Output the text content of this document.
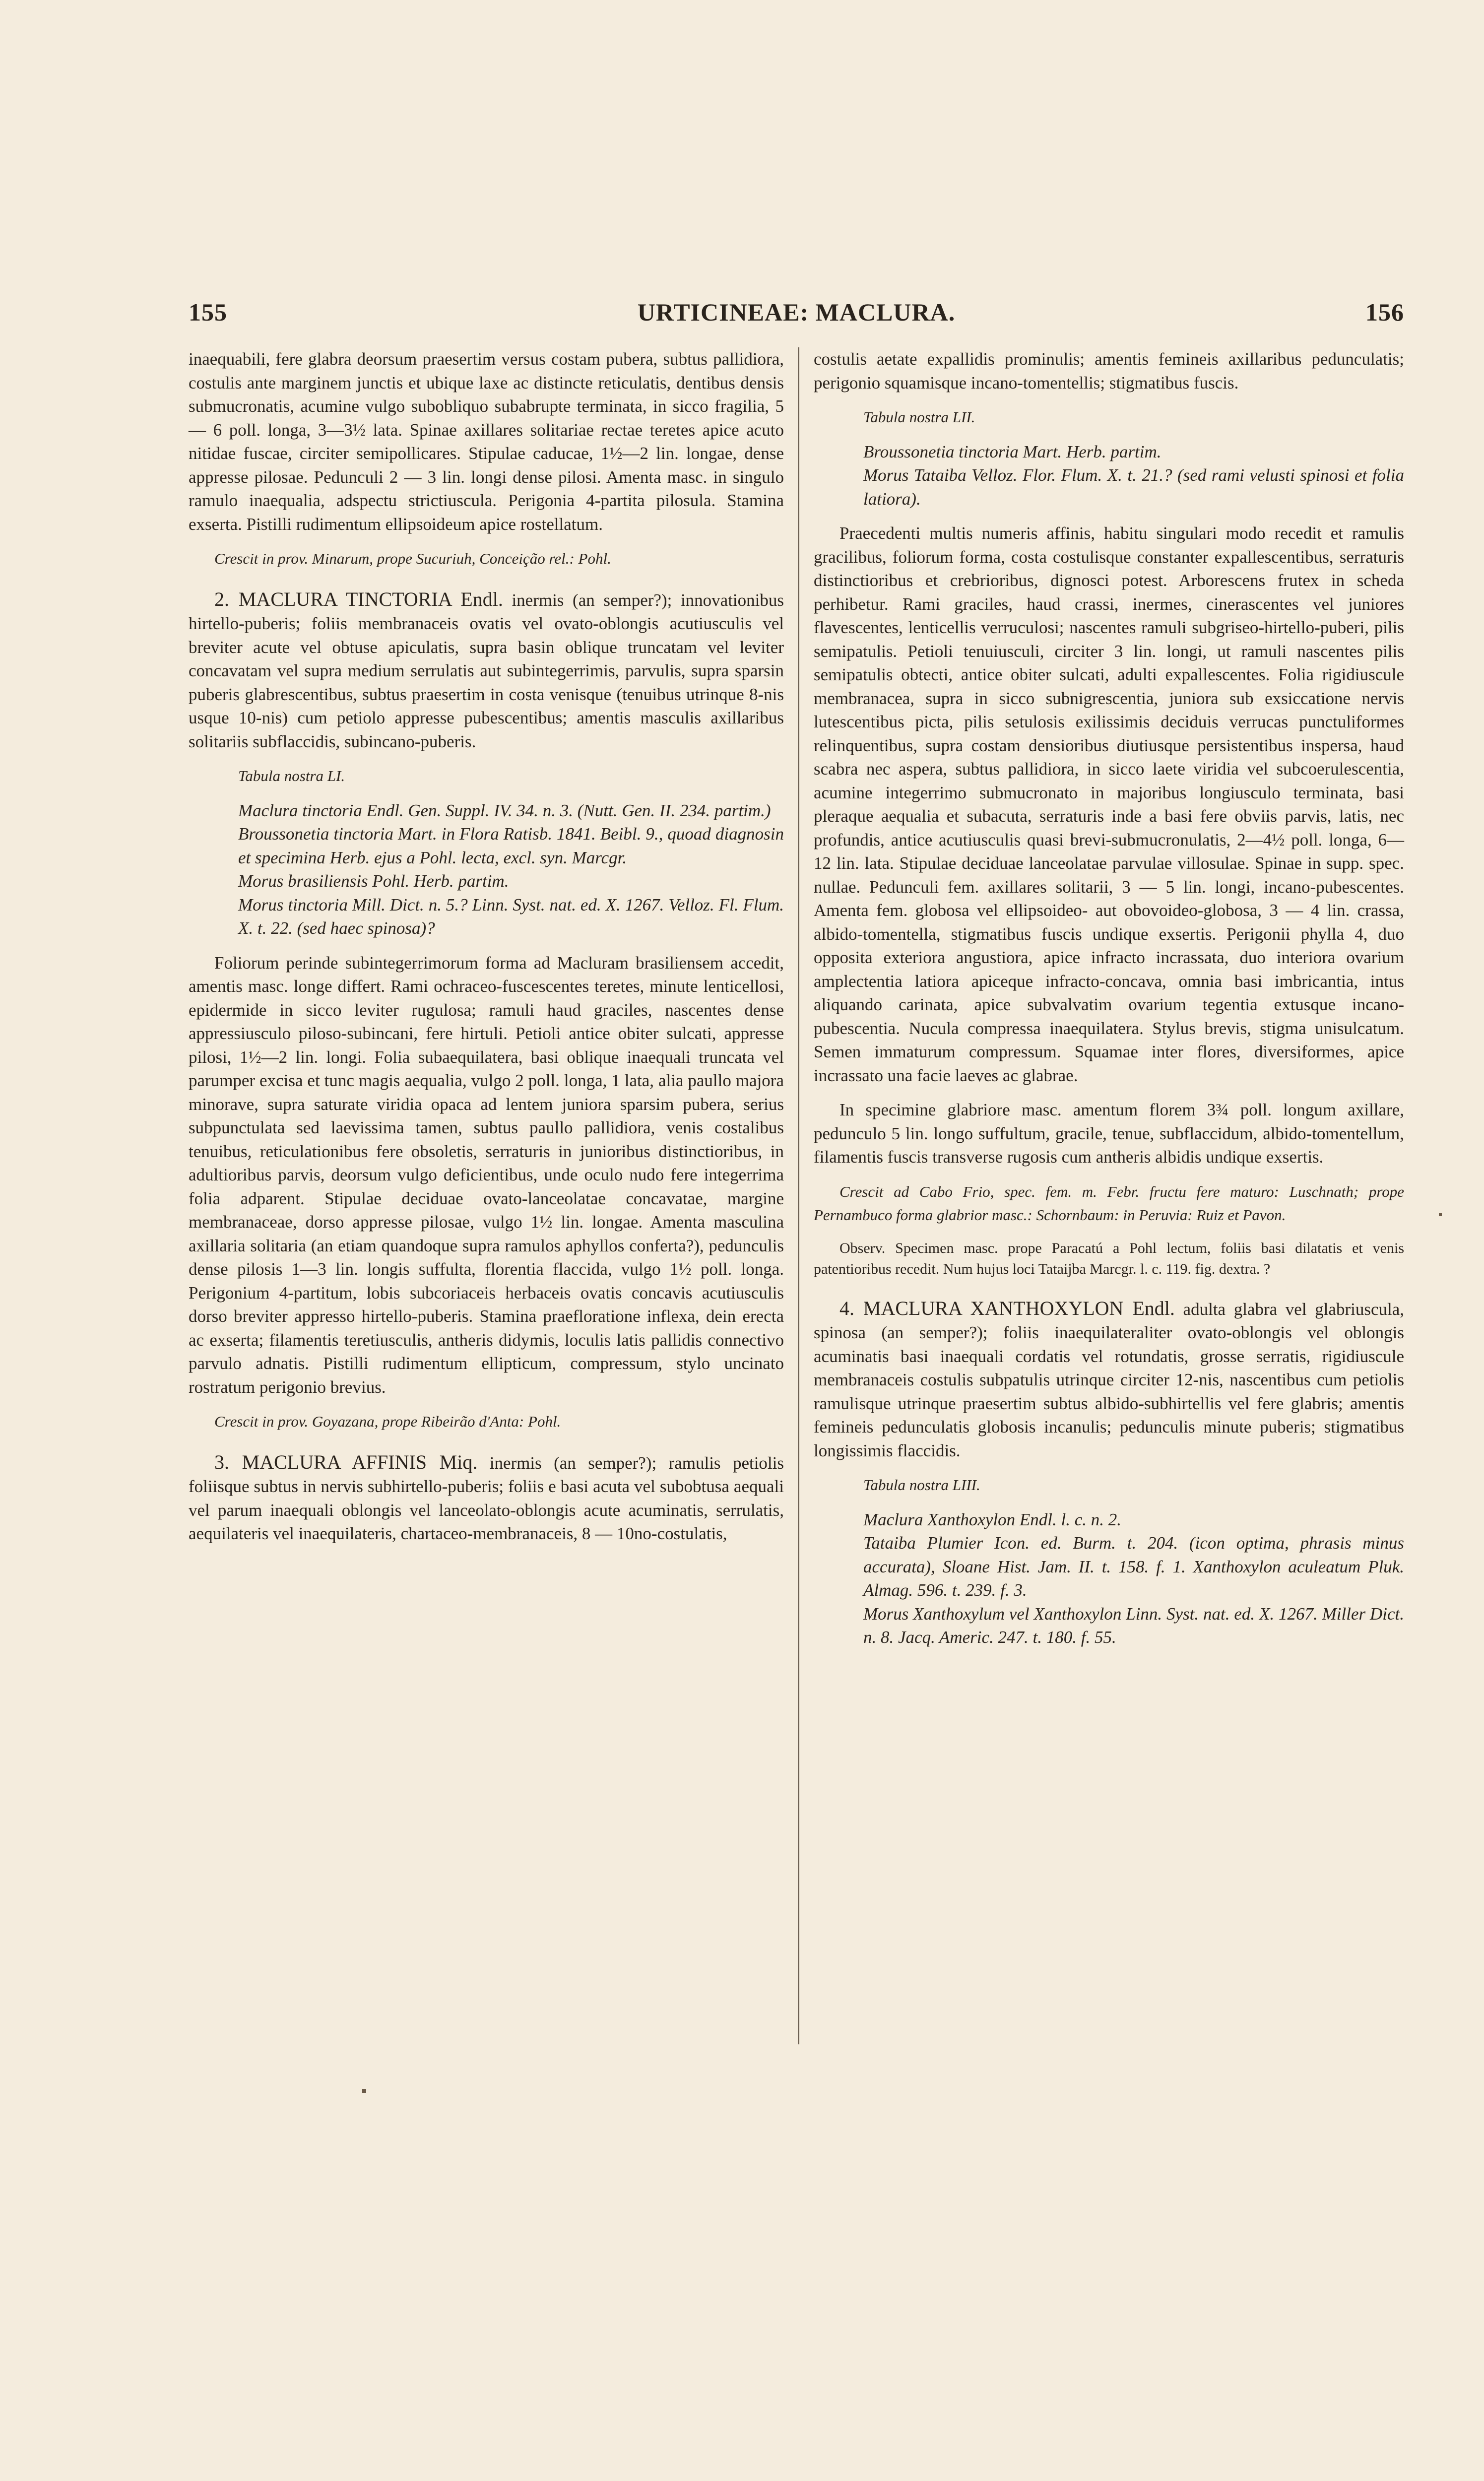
155	URTICINEAE: MACLURA.	156

inaequabili, fere glabra deorsum praesertim versus costam pubera, subtus pallidiora, costulis ante marginem junctis et ubique laxe ac distincte reticulatis, dentibus densis submucronatis, acumine vulgo subobliquo subabrupte terminata, in sicco fragilia, 5 — 6 poll. longa, 3—3½ lata. Spinae axillares solitariae rectae teretes apice acuto nitidae fuscae, circiter semipollicares. Stipulae caducae, 1½—2 lin. longae, dense appresse pilosae. Pedunculi 2 — 3 lin. longi dense pilosi. Amenta masc. in singulo ramulo inaequalia, adspectu strictiuscula. Perigonia 4-partita pilosula. Stamina exserta. Pistilli rudimentum ellipsoideum apice rostellatum.

Crescit in prov. Minarum, prope Sucuriuh, Conceição rel.: Pohl.

2. MACLURA TINCTORIA Endl. inermis (an semper?); innovationibus hirtello-puberis; foliis membranaceis ovatis vel ovato-oblongis acutiusculis vel breviter acute vel obtuse apiculatis, supra basin oblique truncatam vel leviter concavatam vel supra medium serrulatis aut subintegerrimis, parvulis, supra sparsin puberis glabrescentibus, subtus praesertim in costa venisque (tenuibus utrinque 8-nis usque 10-nis) cum petiolo appresse pubescentibus; amentis masculis axillaribus solitariis subflaccidis, subincano-puberis.

Tabula nostra LI.

Maclura tinctoria Endl. Gen. Suppl. IV. 34. n. 3. (Nutt. Gen. II. 234. partim.)

Broussonetia tinctoria Mart. in Flora Ratisb. 1841. Beibl. 9., quoad diagnosin et specimina Herb. ejus a Pohl. lecta, excl. syn. Marcgr.

Morus brasiliensis Pohl. Herb. partim.

Morus tinctoria Mill. Dict. n. 5.? Linn. Syst. nat. ed. X. 1267. Velloz. Fl. Flum. X. t. 22. (sed haec spinosa)?

Foliorum perinde subintegerrimorum forma ad Macluram brasiliensem accedit, amentis masc. longe differt. Rami ochraceo-fuscescentes teretes, minute lenticellosi, epidermide in sicco leviter rugulosa; ramuli haud graciles, nascentes dense appressiusculo piloso-subincani, fere hirtuli. Petioli antice obiter sulcati, appresse pilosi, 1½—2 lin. longi. Folia subaequilatera, basi oblique inaequali truncata vel parumper excisa et tunc magis aequalia, vulgo 2 poll. longa, 1 lata, alia paullo majora minorave, supra saturate viridia opaca ad lentem juniora sparsim pubera, serius subpunctulata sed laevissima tamen, subtus paullo pallidiora, venis costalibus tenuibus, reticulationibus fere obsoletis, serraturis in junioribus distinctioribus, in adultioribus parvis, deorsum vulgo deficientibus, unde oculo nudo fere integerrima folia adparent. Stipulae deciduae ovato-lanceolatae concavatae, margine membranaceae, dorso appresse pilosae, vulgo 1½ lin. longae. Amenta masculina axillaria solitaria (an etiam quandoque supra ramulos aphyllos conferta?), pedunculis dense pilosis 1—3 lin. longis suffulta, florentia flaccida, vulgo 1½ poll. longa. Perigonium 4-partitum, lobis subcoriaceis herbaceis ovatis concavis acutiusculis dorso breviter appresso hirtello-puberis. Stamina praefloratione inflexa, dein erecta ac exserta; filamentis teretiusculis, antheris didymis, loculis latis pallidis connectivo parvulo adnatis. Pistilli rudimentum ellipticum, compressum, stylo uncinato rostratum perigonio brevius.

Crescit in prov. Goyazana, prope Ribeirão d'Anta: Pohl.

3. MACLURA AFFINIS Miq. inermis (an semper?); ramulis petiolis foliisque subtus in nervis subhirtello-puberis; foliis e basi acuta vel subobtusa aequali vel parum inaequali oblongis vel lanceolato-oblongis acute acuminatis, serrulatis, aequilateris vel inaequilateris, chartaceo-membranaceis, 8 — 10no-costulatis,

costulis aetate expallidis prominulis; amentis femineis axillaribus pedunculatis; perigonio squamisque incano-tomentellis; stigmatibus fuscis.

Tabula nostra LII.

Broussonetia tinctoria Mart. Herb. partim.

Morus Tataiba Velloz. Flor. Flum. X. t. 21.? (sed rami velusti spinosi et folia latiora).

Praecedenti multis numeris affinis, habitu singulari modo recedit et ramulis gracilibus, foliorum forma, costa costulisque constanter expallescentibus, serraturis distinctioribus et crebrioribus, dignosci potest. Arborescens frutex in scheda perhibetur. Rami graciles, haud crassi, inermes, cinerascentes vel juniores flavescentes, lenticellis verruculosi; nascentes ramuli subgriseo-hirtello-puberi, pilis semipatulis. Petioli tenuiusculi, circiter 3 lin. longi, ut ramuli nascentes pilis semipatulis obtecti, antice obiter sulcati, adulti expallescentes. Folia rigidiuscule membranacea, supra in sicco subnigrescentia, juniora sub exsiccatione nervis lutescentibus picta, pilis setulosis exilissimis deciduis verrucas punctuliformes relinquentibus, supra costam densioribus diutiusque persistentibus inspersa, haud scabra nec aspera, subtus pallidiora, in sicco laete viridia vel subcoerulescentia, acumine integerrimo submucronato in majoribus longiusculo terminata, basi pleraque aequalia et subacuta, serraturis inde a basi fere obviis parvis, latis, nec profundis, antice acutiusculis quasi brevi-submucronulatis, 2—4½ poll. longa, 6—12 lin. lata. Stipulae deciduae lanceolatae parvulae villosulae. Spinae in supp. spec. nullae. Pedunculi fem. axillares solitarii, 3 — 5 lin. longi, incano-pubescentes. Amenta fem. globosa vel ellipsoideo- aut obovoideo-globosa, 3 — 4 lin. crassa, albido-tomentella, stigmatibus fuscis undique exsertis. Perigonii phylla 4, duo opposita exteriora angustiora, apice infracto incrassata, duo interiora ovarium amplectentia latiora apiceque infracto-concava, omnia basi imbricantia, intus aliquando carinata, apice subvalvatim ovarium tegentia extusque incano-pubescentia. Nucula compressa inaequilatera. Stylus brevis, stigma unisulcatum. Semen immaturum compressum. Squamae inter flores, diversiformes, apice incrassato una facie laeves ac glabrae.

In specimine glabriore masc. amentum florem 3¾ poll. longum axillare, pedunculo 5 lin. longo suffultum, gracile, tenue, subflaccidum, albido-tomentellum, filamentis fuscis transverse rugosis cum antheris albidis undique exsertis.

Crescit ad Cabo Frio, spec. fem. m. Febr. fructu fere maturo: Luschnath; prope Pernambuco forma glabrior masc.: Schornbaum: in Peruvia: Ruiz et Pavon.

Observ. Specimen masc. prope Paracatú a Pohl lectum, foliis basi dilatatis et venis patentioribus recedit. Num hujus loci Tataijba Marcgr. l. c. 119. fig. dextra. ?

4. MACLURA XANTHOXYLON Endl. adulta glabra vel glabriuscula, spinosa (an semper?); foliis inaequilateraliter ovato-oblongis vel oblongis acuminatis basi inaequali cordatis vel rotundatis, grosse serratis, rigidiuscule membranaceis costulis subpatulis utrinque circiter 12-nis, nascentibus cum petiolis ramulisque utrinque praesertim subtus albido-subhirtellis vel fere glabris; amentis femineis pedunculatis globosis incanulis; pedunculis minute puberis; stigmatibus longissimis flaccidis.

Tabula nostra LIII.

Maclura Xanthoxylon Endl. l. c. n. 2.

Tataiba Plumier Icon. ed. Burm. t. 204. (icon optima, phrasis minus accurata), Sloane Hist. Jam. II. t. 158. f. 1. Xanthoxylon aculeatum Pluk. Almag. 596. t. 239. f. 3.

Morus Xanthoxylum vel Xanthoxylon Linn. Syst. nat. ed. X. 1267. Miller Dict. n. 8. Jacq. Americ. 247. t. 180. f. 55.
